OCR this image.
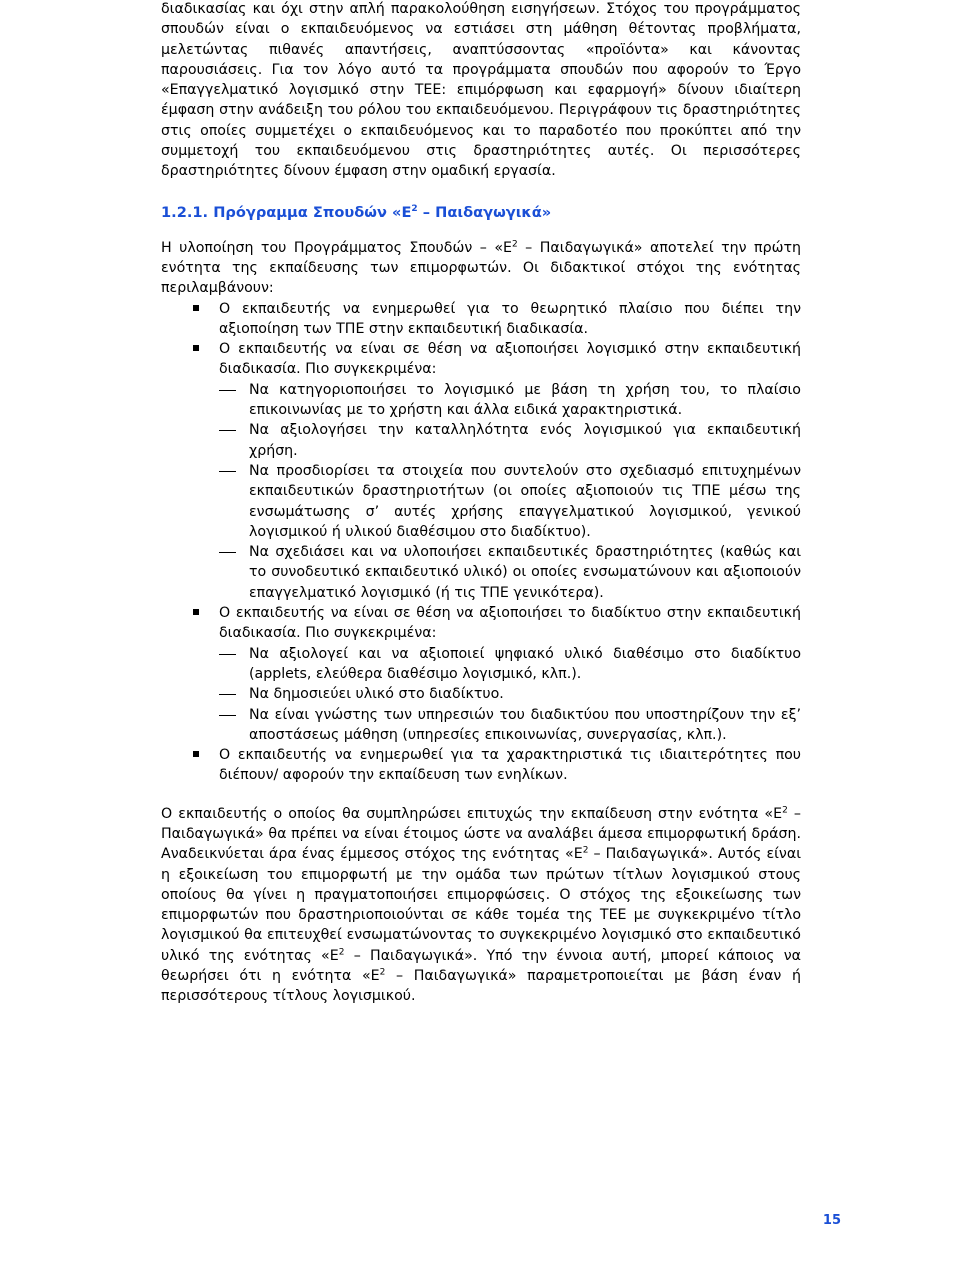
διαδικασίας και όχι στην απλή παρακολούθηση εισηγήσεων. Στόχος του προγράμματος σπουδών είναι ο εκπαιδευόμενος να εστιάσει στη μάθηση θέτοντας προβλήματα, μελετώντας πιθανές απαντήσεις, αναπτύσσοντας «προϊόντα» και κάνοντας παρουσιάσεις. Για τον λόγο αυτό τα προγράμματα σπουδών που αφορούν το Έργο «Επαγγελματικό λογισμικό στην ΤΕΕ: επιμόρφωση και εφαρμογή» δίνουν ιδιαίτερη έμφαση στην ανάδειξη του ρόλου του εκπαιδευόμενου. Περιγράφουν τις δραστηριότητες στις οποίες συμμετέχει ο εκπαιδευόμενος και το παραδοτέο που προκύπτει από την συμμετοχή του εκπαιδευόμενου στις δραστηριότητες αυτές. Οι περισσότερες δραστηριότητες δίνουν έμφαση στην ομαδική εργασία.

1.2.1. Πρόγραμμα Σπουδών «$E^2$ – Παιδαγωγικά»

Η υλοποίηση του Προγράμματος Σπουδών – «$E^2$ – Παιδαγωγικά» αποτελεί την πρώτη ενότητα της εκπαίδευσης των επιμορφωτών. Οι διδακτικοί στόχοι της ενότητας περιλαμβάνουν:

Ο εκπαιδευτής να ενημερωθεί για το θεωρητικό πλαίσιο που διέπει την αξιοποίηση των ΤΠΕ στην εκπαιδευτική διαδικασία.
Ο εκπαιδευτής να είναι σε θέση να αξιοποιήσει λογισμικό στην εκπαιδευτική διαδικασία. Πιο συγκεκριμένα:
Να κατηγοριοποιήσει το λογισμικό με βάση τη χρήση του, το πλαίσιο επικοινωνίας με το χρήστη και άλλα ειδικά χαρακτηριστικά.
Να αξιολογήσει την καταλληλότητα ενός λογισμικού για εκπαιδευτική χρήση.
Να προσδιορίσει τα στοιχεία που συντελούν στο σχεδιασμό επιτυχημένων εκπαιδευτικών δραστηριοτήτων (οι οποίες αξιοποιούν τις ΤΠΕ μέσω της ενσωμάτωσης σ’ αυτές χρήσης επαγγελματικού λογισμικού, γενικού λογισμικού ή υλικού διαθέσιμου στο διαδίκτυο).
Να σχεδιάσει και να υλοποιήσει εκπαιδευτικές δραστηριότητες (καθώς και το συνοδευτικό εκπαιδευτικό υλικό) οι οποίες ενσωματώνουν και αξιοποιούν επαγγελματικό λογισμικό (ή τις ΤΠΕ γενικότερα).
Ο εκπαιδευτής να είναι σε θέση να αξιοποιήσει το διαδίκτυο στην εκπαιδευτική διαδικασία. Πιο συγκεκριμένα:
Να αξιολογεί και να αξιοποιεί ψηφιακό υλικό διαθέσιμο στο διαδίκτυο (applets, ελεύθερα διαθέσιμο λογισμικό, κλπ.).
Να δημοσιεύει υλικό στο διαδίκτυο.
Να είναι γνώστης των υπηρεσιών του διαδικτύου που υποστηρίζουν την εξ’ αποστάσεως μάθηση (υπηρεσίες επικοινωνίας, συνεργασίας, κλπ.).
Ο εκπαιδευτής να ενημερωθεί για τα χαρακτηριστικά τις ιδιαιτερότητες που διέπουν/ αφορούν την εκπαίδευση των ενηλίκων.

Ο εκπαιδευτής ο οποίος θα συμπληρώσει επιτυχώς την εκπαίδευση στην ενότητα «$E^2$ – Παιδαγωγικά» θα πρέπει να είναι έτοιμος ώστε να αναλάβει άμεσα επιμορφωτική δράση. Αναδεικνύεται άρα ένας έμμεσος στόχος της ενότητας «$E^2$ – Παιδαγωγικά». Αυτός είναι η εξοικείωση του επιμορφωτή με την ομάδα των πρώτων τίτλων λογισμικού στους οποίους θα γίνει η πραγματοποιήσει επιμορφώσεις. Ο στόχος της εξοικείωσης των επιμορφωτών που δραστηριοποιούνται σε κάθε τομέα της ΤΕΕ με συγκεκριμένο τίτλο λογισμικού θα επιτευχθεί ενσωματώνοντας το συγκεκριμένο λογισμικό στο εκπαιδευτικό υλικό της ενότητας «$E^2$ – Παιδαγωγικά». Υπό την έννοια αυτή, μπορεί κάποιος να θεωρήσει ότι η ενότητα «$E^2$ – Παιδαγωγικά» παραμετροποιείται με βάση έναν ή περισσότερους τίτλους λογισμικού.

15
